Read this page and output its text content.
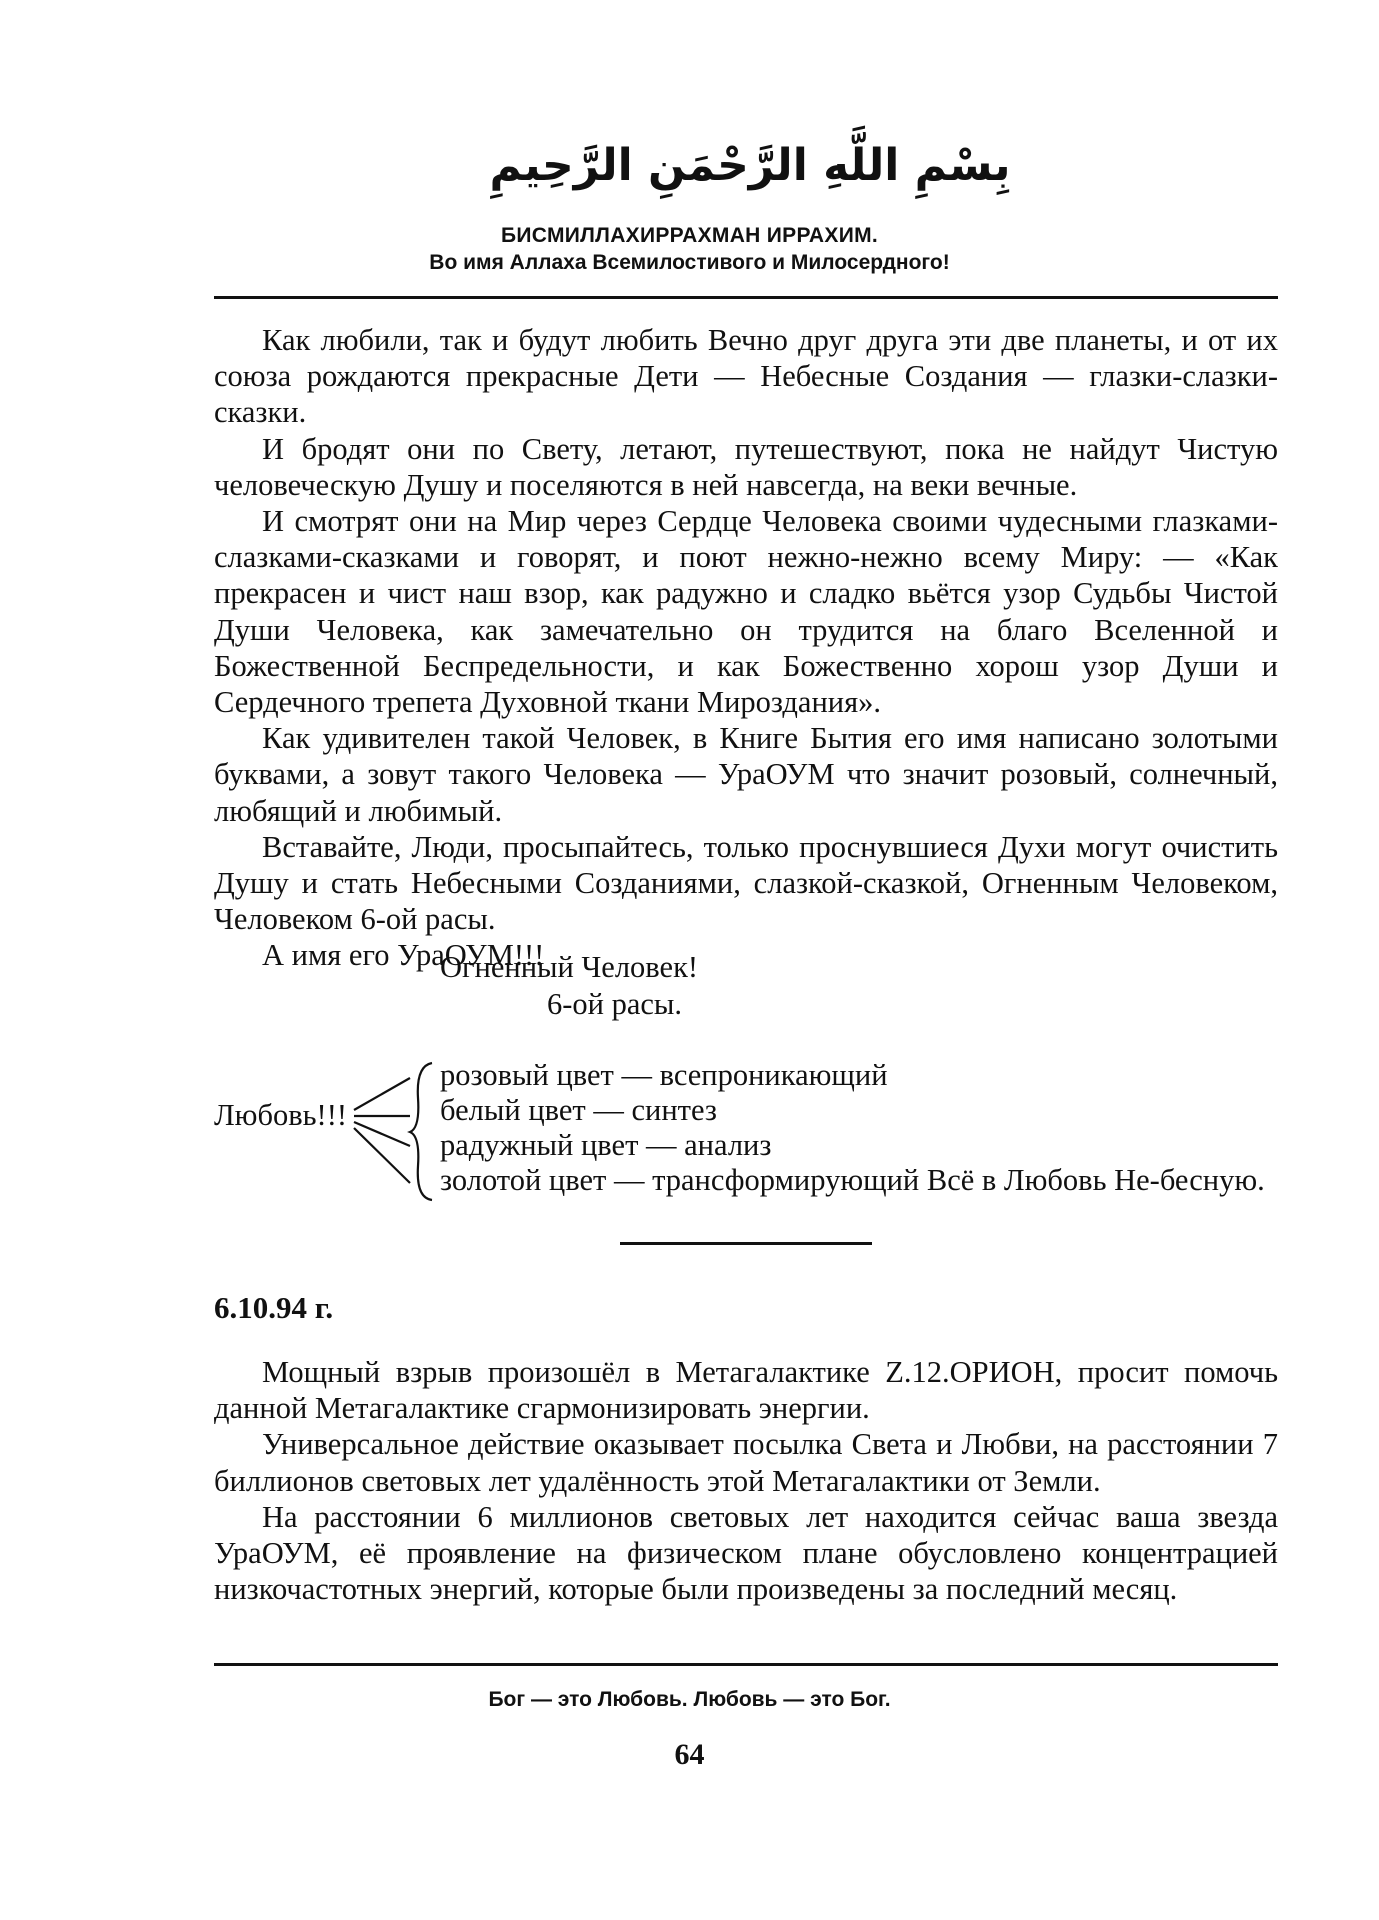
بِسْمِ اللَّهِ الرَّحْمَنِ الرَّحِيمِ
БИСМИЛЛАХИРРАХМАН ИРРАХИМ.
Во имя Аллаха Всемилостивого и Милосердного!

Как любили, так и будут любить Вечно друг друга эти две планеты, и от их союза рождаются прекрасные Дети — Небесные Создания — глазки-слазки-сказки.

И бродят они по Свету, летают, путешествуют, пока не найдут Чистую человеческую Душу и поселяются в ней навсегда, на веки вечные.

И смотрят они на Мир через Сердце Человека своими чудесными глазками-слазками-сказками и говорят, и поют нежно-нежно всему Миру: — «Как прекрасен и чист наш взор, как радужно и сладко вьётся узор Судьбы Чистой Души Человека, как замечательно он трудится на благо Вселенной и Божественной Беспредельности, и как Божественно хорош узор Души и Сердечного трепета Духовной ткани Мироздания».

Как удивителен такой Человек, в Книге Бытия его имя написано золотыми буквами, а зовут такого Человека — УраОУМ что значит розовый, солнечный, любящий и любимый.

Вставайте, Люди, просыпайтесь, только проснувшиеся Духи могут очистить Душу и стать Небесными Созданиями, слазкой-сказкой, Огненным Человеком, Человеком 6-ой расы.

А имя его УраОУМ!!!

Огненный Человек!
6-ой расы.
Любовь!!!
розовый цвет — всепроникающий
белый цвет — синтез
радужный цвет — анализ
золотой цвет — трансформирующий Всё в Любовь Не-бесную.
6.10.94 г.

Мощный взрыв произошёл в Метагалактике Z.12.ОРИОН, просит помочь данной Метагалактике сгармонизировать энергии.

Универсальное действие оказывает посылка Света и Любви, на расстоянии 7 биллионов световых лет удалённость этой Метагалактики от Земли.

На расстоянии 6 миллионов световых лет находится сейчас ваша звезда УраОУМ, её проявление на физическом плане обусловлено концентрацией низкочастотных энергий, которые были произведены за последний месяц.

Бог — это Любовь. Любовь — это Бог.
64
